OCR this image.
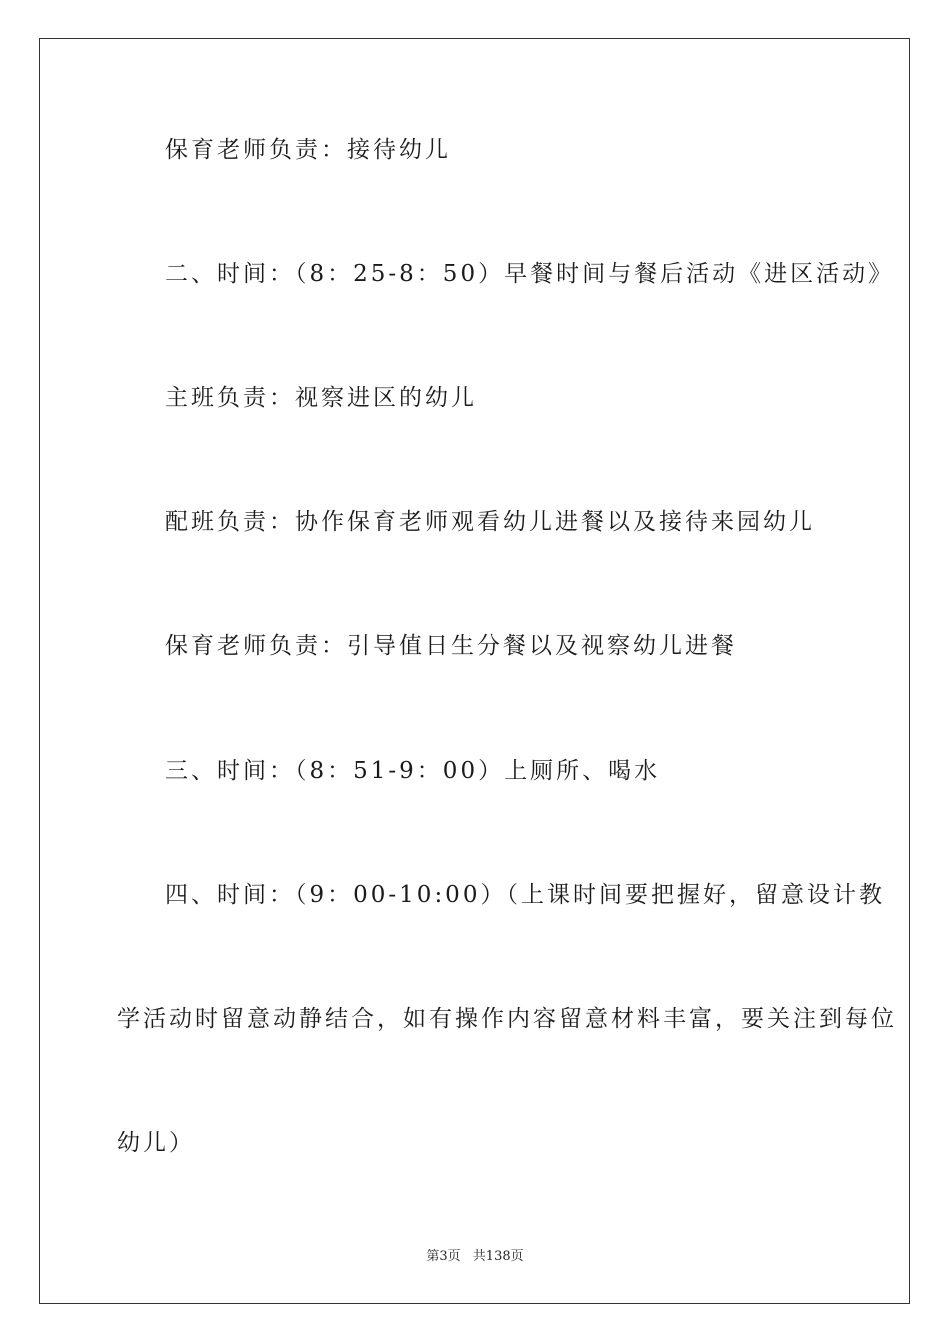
保育老师负责：接待幼儿

二、时间：（8：25-8：50）早餐时间与餐后活动《进区活动》

主班负责：视察进区的幼儿

配班负责：协作保育老师观看幼儿进餐以及接待来园幼儿

保育老师负责：引导值日生分餐以及视察幼儿进餐

三、时间：（8：51-9：00）上厕所、喝水

四、时间：（9：00-10:00）（上课时间要把握好，留意设计教

学活动时留意动静结合，如有操作内容留意材料丰富，要关注到每位

幼儿）

第3页 共138页
